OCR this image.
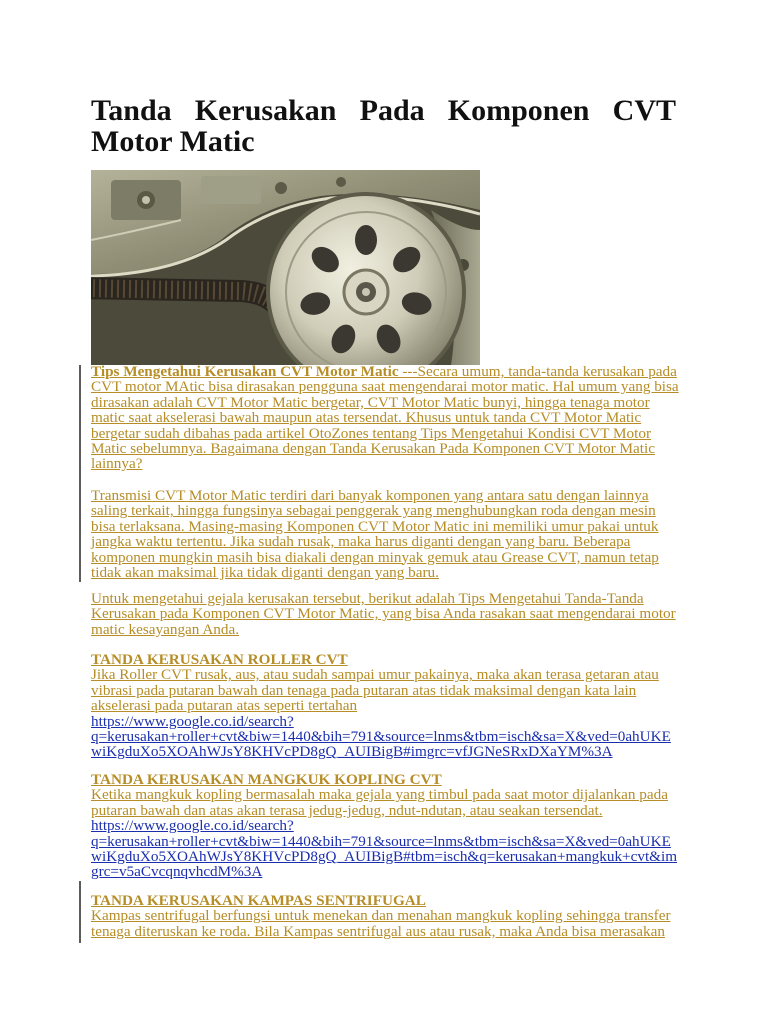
Tanda Kerusakan Pada Komponen CVT Motor Matic
Tips Mengetahui Kerusakan CVT Motor Matic ---Secara umum, tanda-tanda kerusakan pada
CVT motor MAtic bisa dirasakan pengguna saat mengendarai motor matic. Hal umum yang bisa
dirasakan adalah CVT Motor Matic bergetar, CVT Motor Matic bunyi, hingga tenaga motor
matic saat akselerasi bawah maupun atas tersendat. Khusus untuk tanda CVT Motor Matic
bergetar sudah dibahas pada artikel OtoZones tentang Tips Mengetahui Kondisi CVT Motor
Matic sebelumnya. Bagaimana dengan Tanda Kerusakan Pada Komponen CVT Motor Matic
lainnya?
Transmisi CVT Motor Matic terdiri dari banyak komponen yang antara satu dengan lainnya
saling terkait, hingga fungsinya sebagai penggerak yang menghubungkan roda dengan mesin
bisa terlaksana. Masing-masing Komponen CVT Motor Matic ini memiliki umur pakai untuk
jangka waktu tertentu. Jika sudah rusak, maka harus diganti dengan yang baru. Beberapa
komponen mungkin masih bisa diakali dengan minyak gemuk atau Grease CVT, namun tetap
tidak akan maksimal jika tidak diganti dengan yang baru.
Untuk mengetahui gejala kerusakan tersebut, berikut adalah Tips Mengetahui Tanda-Tanda
Kerusakan pada Komponen CVT Motor Matic, yang bisa Anda rasakan saat mengendarai motor
matic kesayangan Anda.
TANDA KERUSAKAN ROLLER CVT
Jika Roller CVT rusak, aus, atau sudah sampai umur pakainya, maka akan terasa getaran atau
vibrasi pada putaran bawah dan tenaga pada putaran atas tidak maksimal dengan kata lain
akselerasi pada putaran atas seperti tertahan
https://www.google.co.id/search?
q=kerusakan+roller+cvt&biw=1440&bih=791&source=lnms&tbm=isch&sa=X&ved=0ahUKE
wiKgduXo5XOAhWJsY8KHVcPD8gQ_AUIBigB#imgrc=vfJGNeSRxDXaYM%3A
TANDA KERUSAKAN MANGKUK KOPLING CVT
Ketika mangkuk kopling bermasalah maka gejala yang timbul pada saat motor dijalankan pada
putaran bawah dan atas akan terasa jedug-jedug, ndut-ndutan, atau seakan tersendat.
https://www.google.co.id/search?
q=kerusakan+roller+cvt&biw=1440&bih=791&source=lnms&tbm=isch&sa=X&ved=0ahUKE
wiKgduXo5XOAhWJsY8KHVcPD8gQ_AUIBigB#tbm=isch&q=kerusakan+mangkuk+cvt&im
grc=v5aCvcqnqvhcdM%3A
TANDA KERUSAKAN KAMPAS SENTRIFUGAL
Kampas sentrifugal berfungsi untuk menekan dan menahan mangkuk kopling sehingga transfer
tenaga diteruskan ke roda. Bila Kampas sentrifugal aus atau rusak, maka Anda bisa merasakan
